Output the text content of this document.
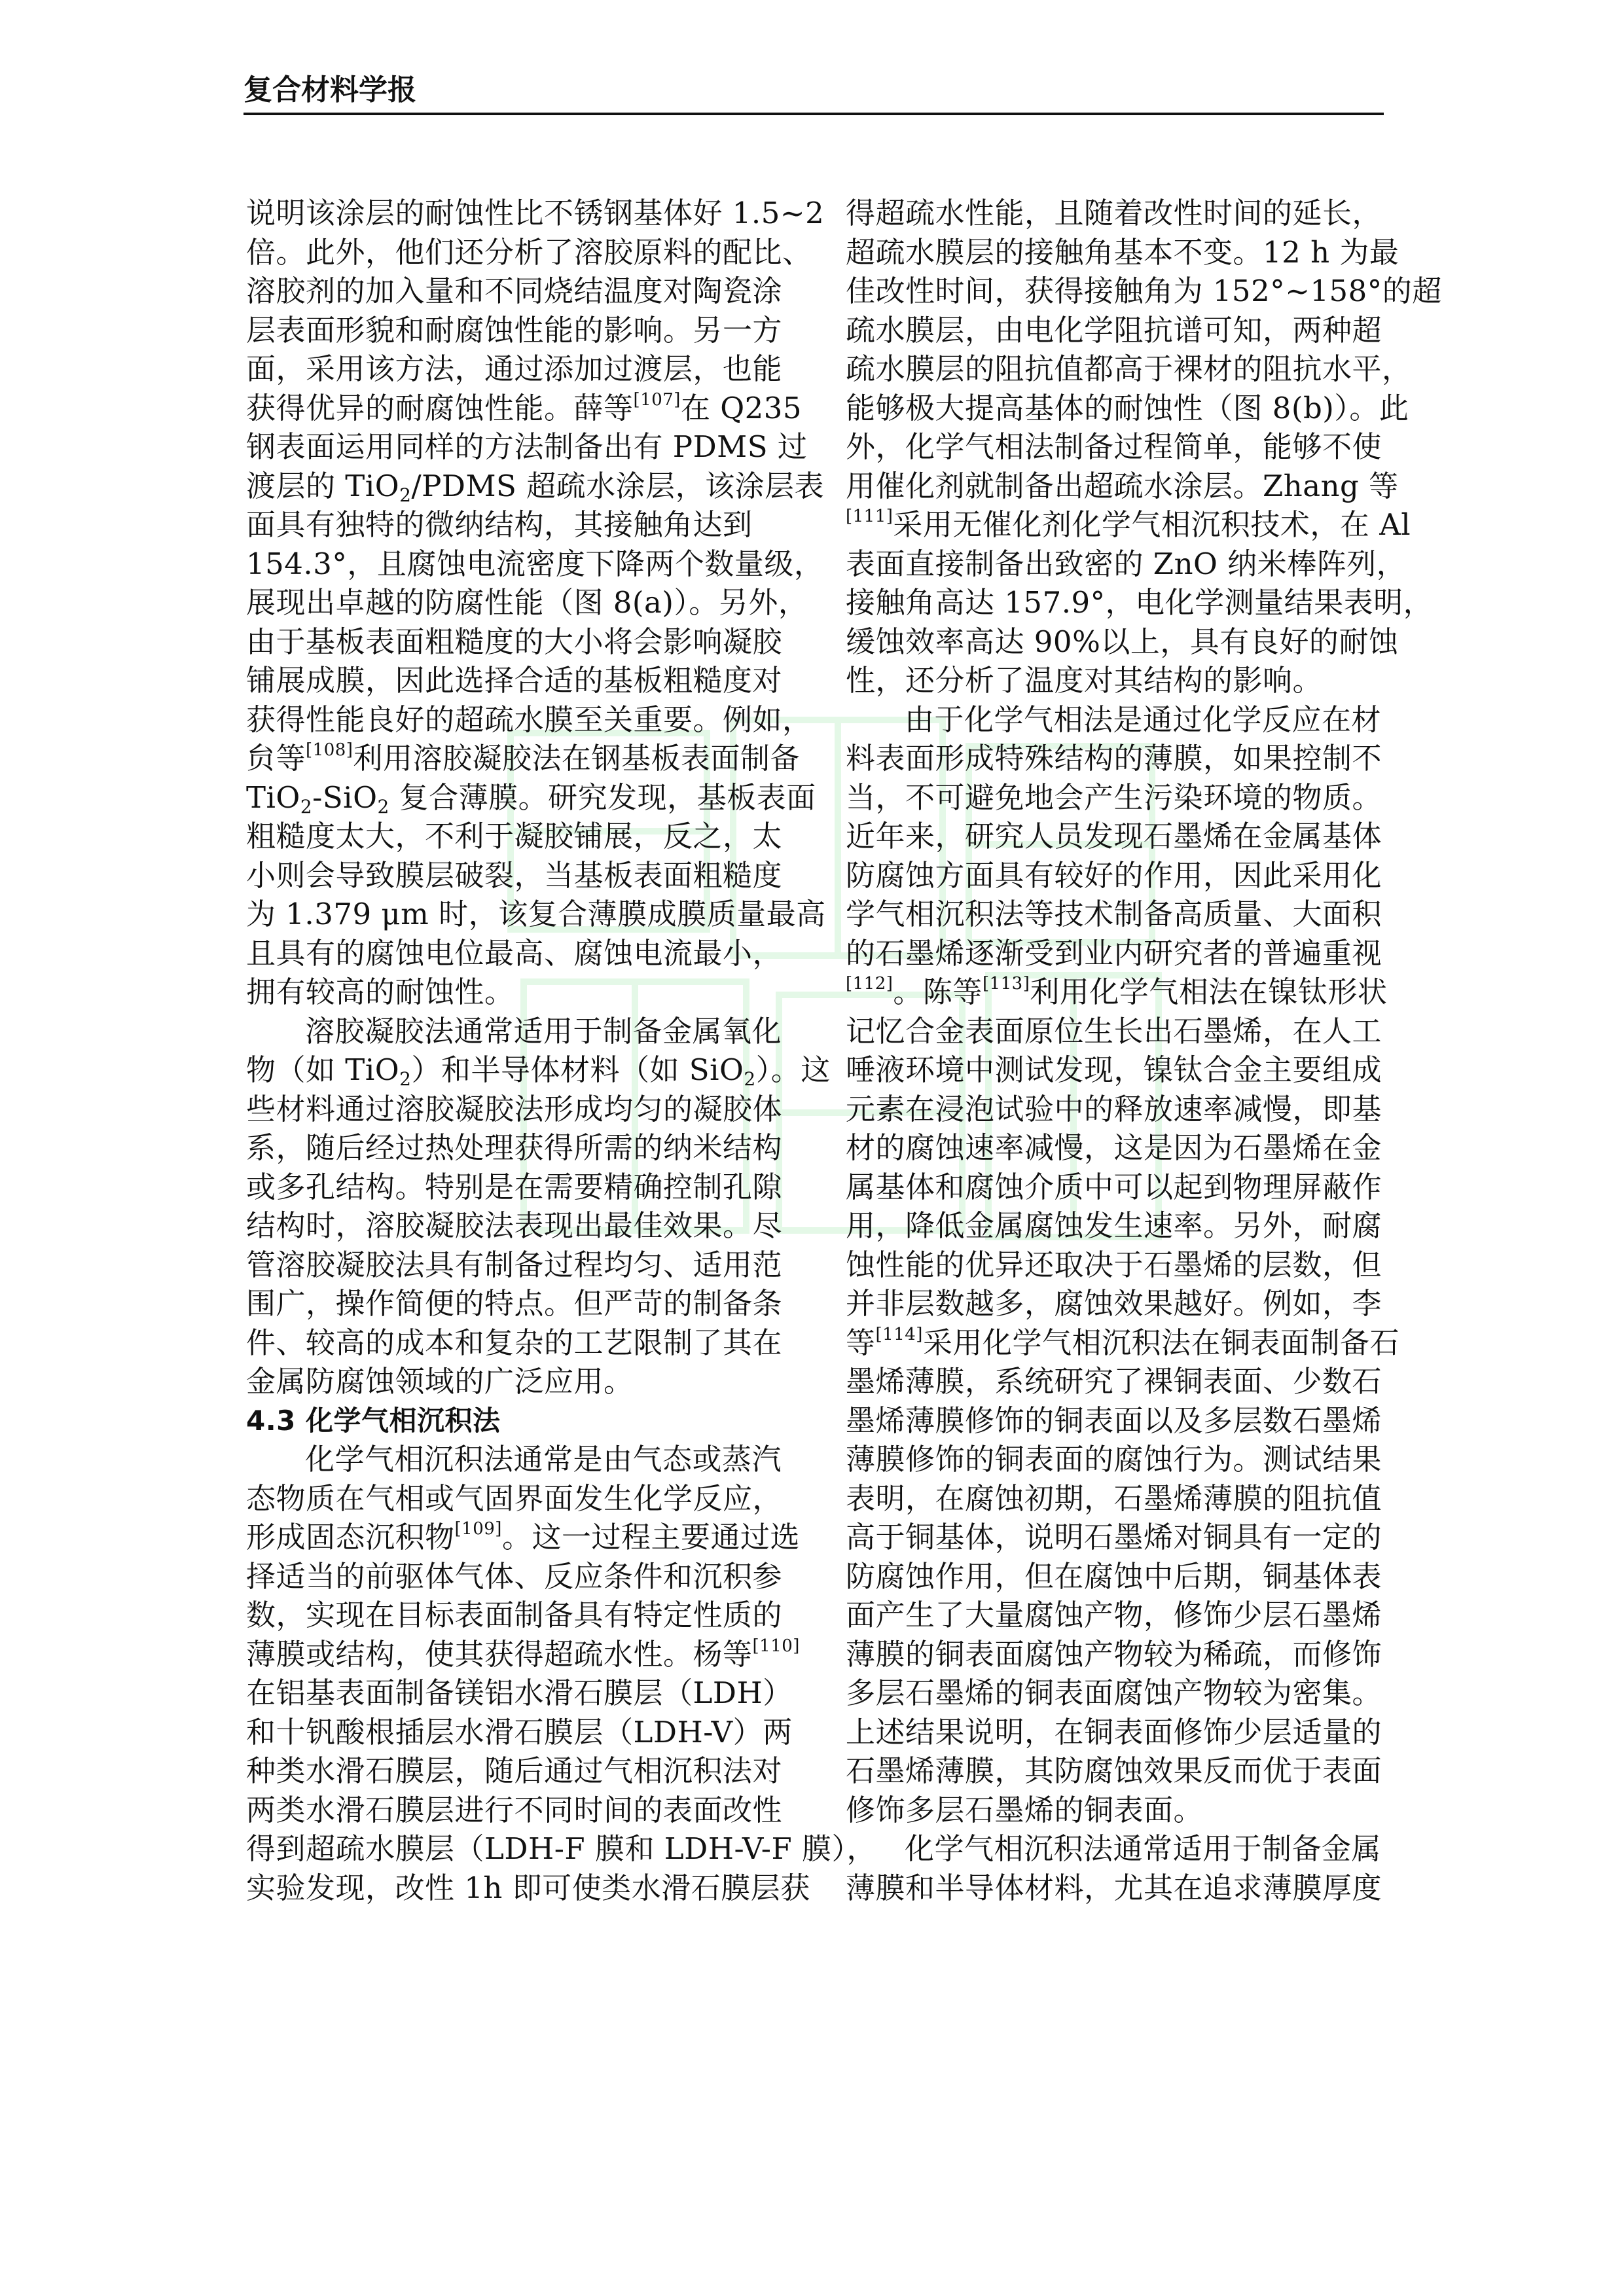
复合材料学报
说明该涂层的耐蚀性比不锈钢基体好 1.5~2
倍。此外，他们还分析了溶胶原料的配比、
溶胶剂的加入量和不同烧结温度对陶瓷涂
层表面形貌和耐腐蚀性能的影响。另一方
面，采用该方法，通过添加过渡层，也能
获得优异的耐腐蚀性能。薛等[107]在 Q235
钢表面运用同样的方法制备出有 PDMS 过
渡层的 TiO$_2$/PDMS 超疏水涂层，该涂层表
面具有独特的微纳结构，其接触角达到
154.3°，且腐蚀电流密度下降两个数量级，
展现出卓越的防腐性能（图 8(a)）。另外，
由于基板表面粗糙度的大小将会影响凝胶
铺展成膜，因此选择合适的基板粗糙度对
获得性能良好的超疏水膜至关重要。例如，
贠等[108]利用溶胶凝胶法在钢基板表面制备
TiO$_2$-SiO$_2$ 复合薄膜。研究发现，基板表面
粗糙度太大，不利于凝胶铺展，反之，太
小则会导致膜层破裂，当基板表面粗糙度
为 1.379 μm 时，该复合薄膜成膜质量最高
且具有的腐蚀电位最高、腐蚀电流最小，
拥有较高的耐蚀性。
溶胶凝胶法通常适用于制备金属氧化
物（如 TiO$_2$）和半导体材料（如 SiO$_2$）。这
些材料通过溶胶凝胶法形成均匀的凝胶体
系，随后经过热处理获得所需的纳米结构
或多孔结构。特别是在需要精确控制孔隙
结构时，溶胶凝胶法表现出最佳效果。尽
管溶胶凝胶法具有制备过程均匀、适用范
围广，操作简便的特点。但严苛的制备条
件、较高的成本和复杂的工艺限制了其在
金属防腐蚀领域的广泛应用。
4.3 化学气相沉积法
化学气相沉积法通常是由气态或蒸汽
态物质在气相或气固界面发生化学反应，
形成固态沉积物[109]。这一过程主要通过选
择适当的前驱体气体、反应条件和沉积参
数，实现在目标表面制备具有特定性质的
薄膜或结构，使其获得超疏水性。杨等[110]
在铝基表面制备镁铝水滑石膜层（LDH）
和十钒酸根插层水滑石膜层（LDH-V）两
种类水滑石膜层，随后通过气相沉积法对
两类水滑石膜层进行不同时间的表面改性
得到超疏水膜层（LDH-F 膜和 LDH-V-F 膜），
实验发现，改性 1h 即可使类水滑石膜层获
得超疏水性能，且随着改性时间的延长，
超疏水膜层的接触角基本不变。12 h 为最
佳改性时间，获得接触角为 152°~158°的超
疏水膜层，由电化学阻抗谱可知，两种超
疏水膜层的阻抗值都高于裸材的阻抗水平，
能够极大提高基体的耐蚀性（图 8(b)）。此
外，化学气相法制备过程简单，能够不使
用催化剂就制备出超疏水涂层。Zhang 等
[111]采用无催化剂化学气相沉积技术，在 Al
表面直接制备出致密的 ZnO 纳米棒阵列，
接触角高达 157.9°，电化学测量结果表明，
缓蚀效率高达 90%以上，具有良好的耐蚀
性，还分析了温度对其结构的影响。
由于化学气相法是通过化学反应在材
料表面形成特殊结构的薄膜，如果控制不
当，不可避免地会产生污染环境的物质。
近年来，研究人员发现石墨烯在金属基体
防腐蚀方面具有较好的作用，因此采用化
学气相沉积法等技术制备高质量、大面积
的石墨烯逐渐受到业内研究者的普遍重视
[112]。陈等[113]利用化学气相法在镍钛形状
记忆合金表面原位生长出石墨烯，在人工
唾液环境中测试发现，镍钛合金主要组成
元素在浸泡试验中的释放速率减慢，即基
材的腐蚀速率减慢，这是因为石墨烯在金
属基体和腐蚀介质中可以起到物理屏蔽作
用，降低金属腐蚀发生速率。另外，耐腐
蚀性能的优异还取决于石墨烯的层数，但
并非层数越多，腐蚀效果越好。例如，李
等[114]采用化学气相沉积法在铜表面制备石
墨烯薄膜，系统研究了裸铜表面、少数石
墨烯薄膜修饰的铜表面以及多层数石墨烯
薄膜修饰的铜表面的腐蚀行为。测试结果
表明，在腐蚀初期，石墨烯薄膜的阻抗值
高于铜基体，说明石墨烯对铜具有一定的
防腐蚀作用，但在腐蚀中后期，铜基体表
面产生了大量腐蚀产物，修饰少层石墨烯
薄膜的铜表面腐蚀产物较为稀疏，而修饰
多层石墨烯的铜表面腐蚀产物较为密集。
上述结果说明，在铜表面修饰少层适量的
石墨烯薄膜，其防腐蚀效果反而优于表面
修饰多层石墨烯的铜表面。
化学气相沉积法通常适用于制备金属
薄膜和半导体材料，尤其在追求薄膜厚度
